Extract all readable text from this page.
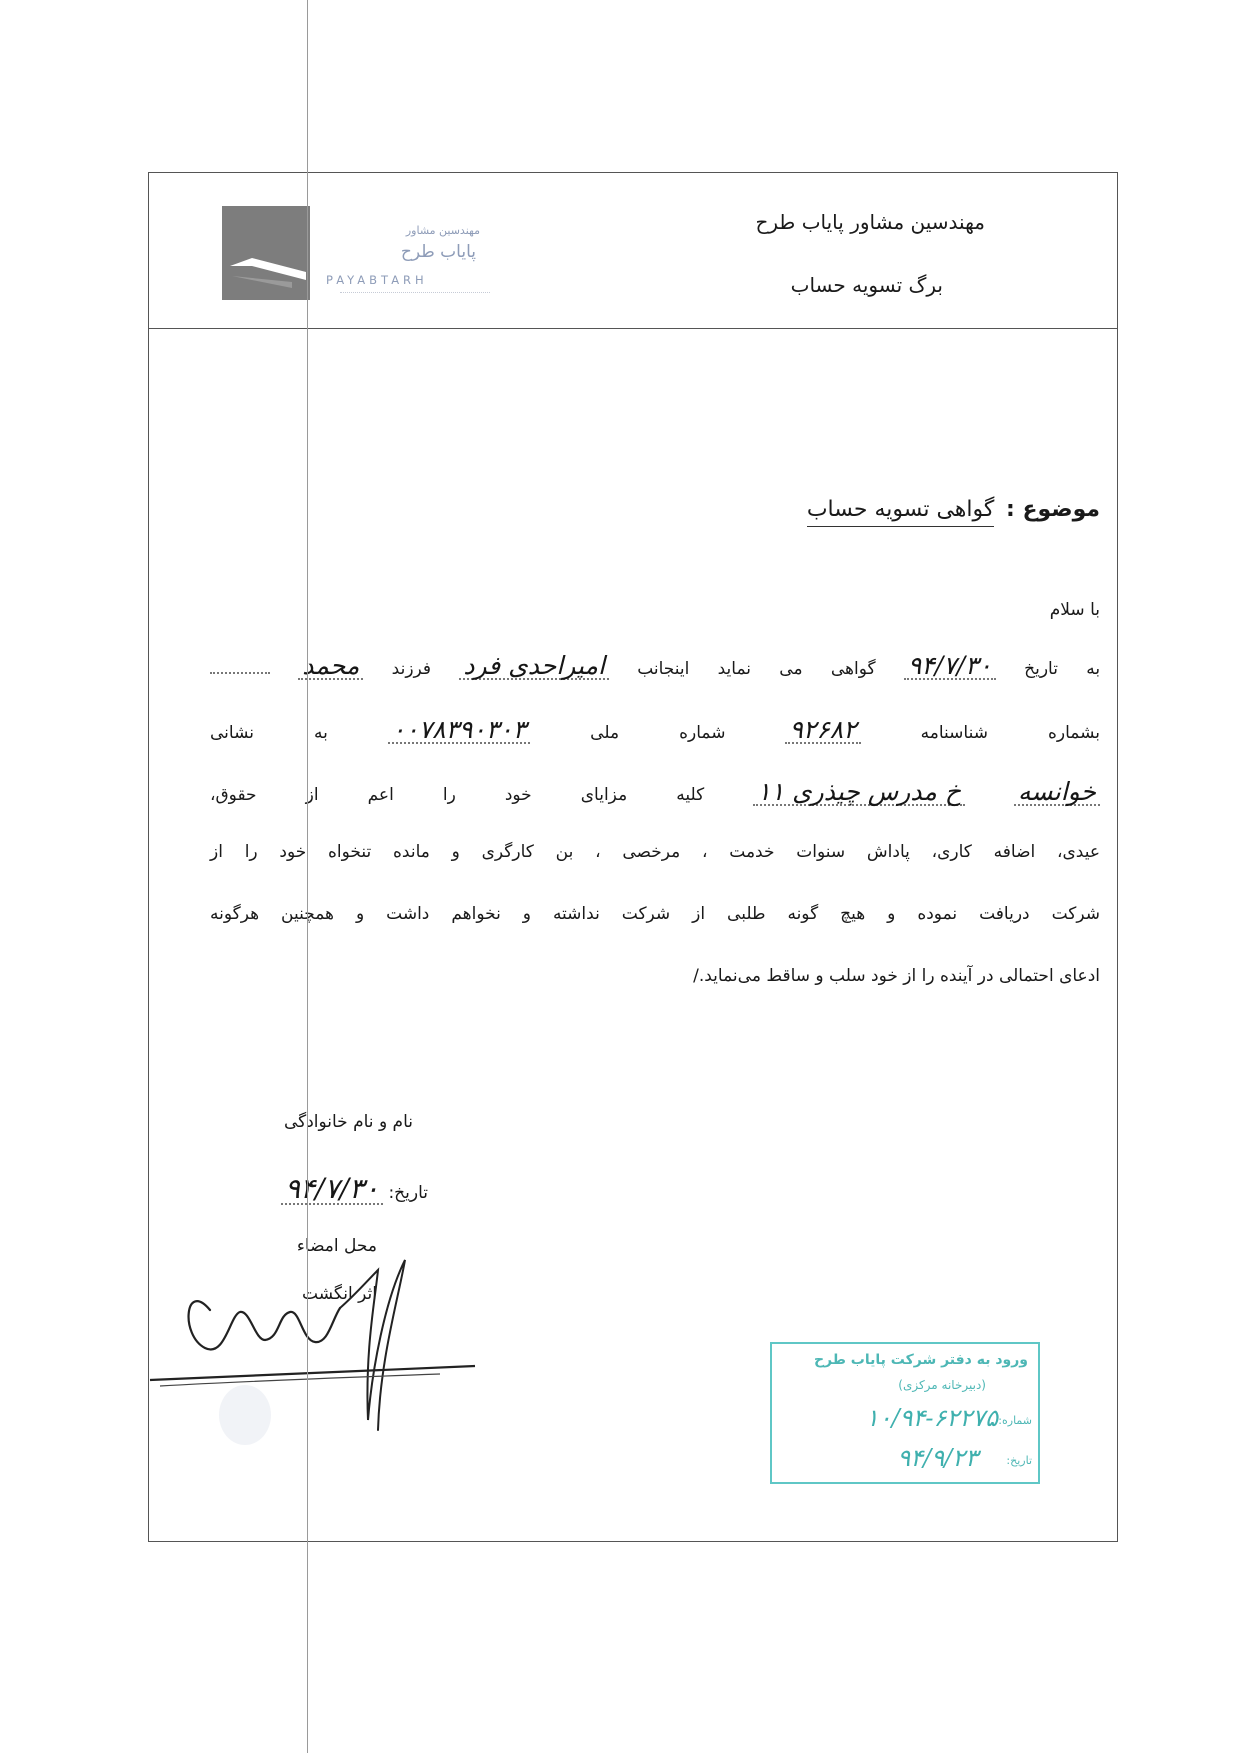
مهندسین مشاور
پایاب طرح
PAYABTARH
مهندسین مشاور پایاب طرح
برگ تسویه حساب
موضوع : گواهی تسویه حساب
با سلام
به تاریخ ۹۴/۷/۳۰ گواهی می نماید اینجانب امیراحدی فرد فرزند محمد
بشماره شناسنامه ۹۲۶۸۲ شماره ملی ۰۰۷۸۳۹۰۳۰۳ به نشانی
خوانسه خ مدرس چیذری ۱۱ کلیه مزایای خود را اعم از حقوق،
عیدی، اضافه کاری، پاداش سنوات خدمت ، مرخصی ، بن کارگری و مانده تنخواه خود را از
شرکت دریافت نموده و هیچ گونه طلبی از شرکت نداشته و نخواهم داشت و همچنین هرگونه
ادعای احتمالی در آینده را از خود سلب و ساقط می‌نماید./
نام و نام خانوادگی
تاریخ: ۹۴/۷/۳۰
محل امضاء
اثر انگشت
ورود به دفتر شرکت پایاب طرح
(دبیرخانه مرکزی)
شماره:
۱۰/۹۴-۶۲۲۷۵
تاریخ:
۹۴/۹/۲۳
